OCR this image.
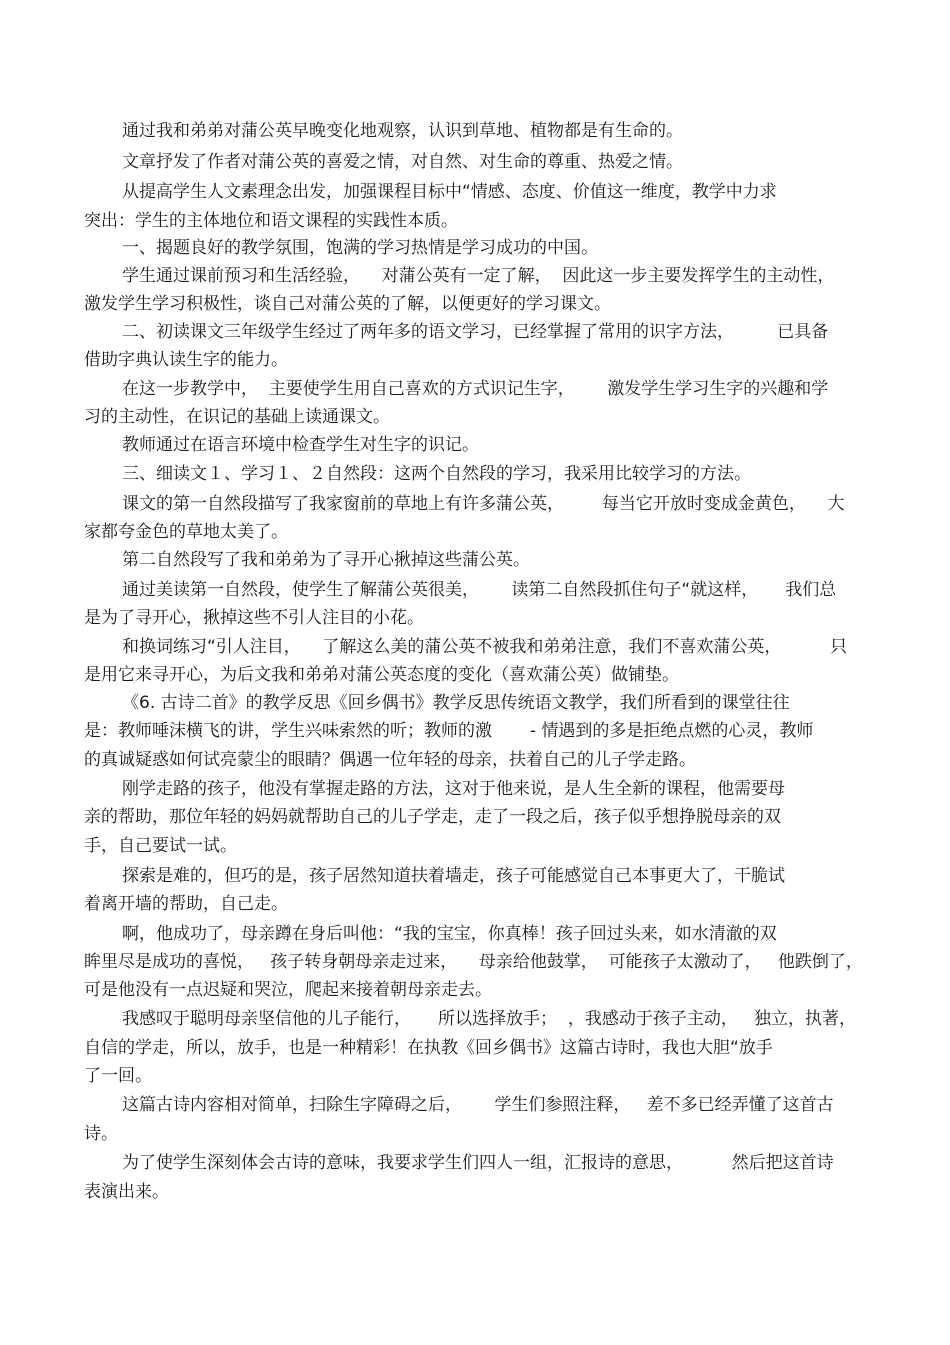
通过我和弟弟对蒲公英早晚变化地观察，认识到草地、植物都是有生命的。
文章抒发了作者对蒲公英的喜爱之情，对自然、对生命的尊重、热爱之情。
从提高学生人文素理念出发，加强课程目标中“情感、态度、价值这一维度，教学中力求
突出：学生的主体地位和语文课程的实践性本质。
一、揭题良好的教学氛围，饱满的学习热情是学习成功的中国。
学生通过课前预习和生活经验，    对蒲公英有一定了解，  因此这一步主要发挥学生的主动性，
激发学生学习积极性，谈自己对蒲公英的了解，以便更好的学习课文。
二、初读课文三年级学生经过了两年多的语文学习，已经掌握了常用的识字方法，        已具备
借助字典认读生字的能力。
在这一步教学中，  主要使学生用自己喜欢的方式识记生字，      激发学生学习生字的兴趣和学
习的主动性，在识记的基础上读通课文。
教师通过在语言环境中检查学生对生字的识记。
三、细读文１、学习１、２自然段：这两个自然段的学习，我采用比较学习的方法。
课文的第一自然段描写了我家窗前的草地上有许多蒲公英，       每当它开放时变成金黄色，    大
家都夸金色的草地太美了。
第二自然段写了我和弟弟为了寻开心揪掉这些蒲公英。
通过美读第一自然段，使学生了解蒲公英很美，      读第二自然段抓住句子“就这样，     我们总
是为了寻开心，揪掉这些不引人注目的小花。
和换词练习“引人注目，    了解这么美的蒲公英不被我和弟弟注意，我们不喜欢蒲公英，         只
是用它来寻开心，为后文我和弟弟对蒲公英态度的变化（喜欢蒲公英）做铺垫。
《6. 古诗二首》的教学反思《回乡偶书》教学反思传统语文教学，我们所看到的课堂往往
是：教师唾沫横飞的讲，学生兴味索然的听；教师的激       - 情遇到的多是拒绝点燃的心灵，教师
的真诚疑惑如何试亮蒙尘的眼睛？偶遇一位年轻的母亲，扶着自己的儿子学走路。
刚学走路的孩子，他没有掌握走路的方法，这对于他来说，是人生全新的课程，他需要母
亲的帮助，那位年轻的妈妈就帮助自己的儿子学走，走了一段之后，孩子似乎想挣脱母亲的双
手，自己要试一试。
探索是难的，但巧的是，孩子居然知道扶着墙走，孩子可能感觉自己本事更大了，干脆试
着离开墙的帮助，自己走。
啊，他成功了，母亲蹲在身后叫他：“我的宝宝，你真棒！孩子回过头来，如水清澈的双
眸里尽是成功的喜悦，   孩子转身朝母亲走过来，    母亲给他鼓掌，  可能孩子太激动了，   他跌倒了，
可是他没有一点迟疑和哭泣，爬起来接着朝母亲走去。
我感叹于聪明母亲坚信他的儿子能行，     所以选择放手；  ，我感动于孩子主动，   独立，执著，
自信的学走，所以，放手，也是一种精彩！在执教《回乡偶书》这篇古诗时，我也大胆“放手
了一回。
这篇古诗内容相对简单，扫除生字障碍之后，      学生们参照注释，   差不多已经弄懂了这首古
诗。
为了使学生深刻体会古诗的意味，我要求学生们四人一组，汇报诗的意思，         然后把这首诗
表演出来。
